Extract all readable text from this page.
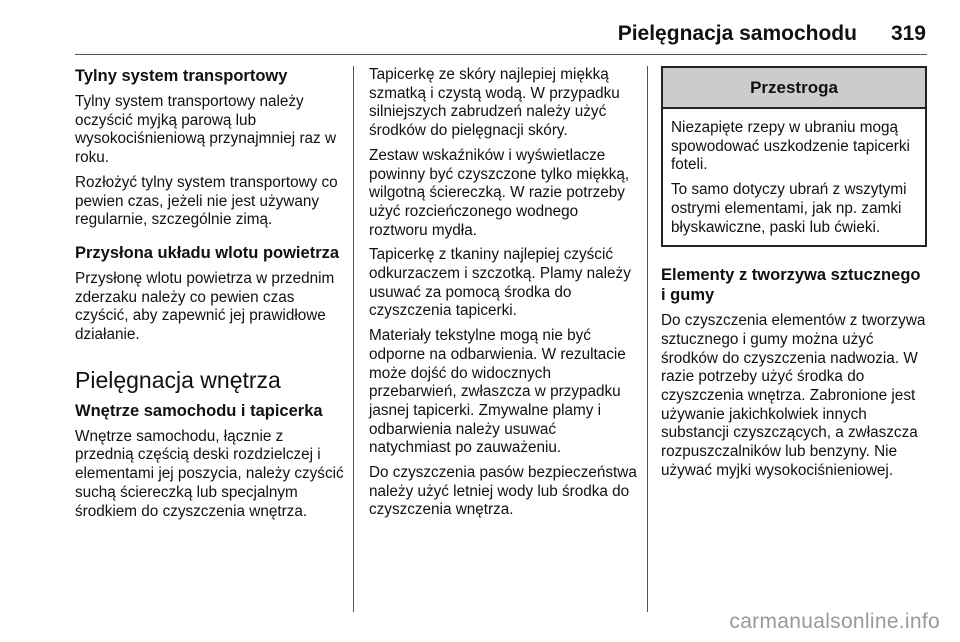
Pielęgnacja samochodu 319
Tylny system transportowy

Tylny system transportowy należy oczyścić myjką parową lub wysokociśnieniową przynajmniej raz w roku.

Rozłożyć tylny system transportowy co pewien czas, jeżeli nie jest używany regularnie, szczególnie zimą.

Przysłona układu wlotu powietrza

Przysłonę wlotu powietrza w przednim zderzaku należy co pewien czas czyścić, aby zapewnić jej prawidłowe działanie.

Pielęgnacja wnętrza
Wnętrze samochodu i tapicerka

Wnętrze samochodu, łącznie z przednią częścią deski rozdzielczej i elementami jej poszycia, należy czyścić suchą ściereczką lub specjalnym środkiem do czyszczenia wnętrza.

Tapicerkę ze skóry najlepiej miękką szmatką i czystą wodą. W przypadku silniejszych zabrudzeń należy użyć środków do pielęgnacji skóry.

Zestaw wskaźników i wyświetlacze powinny być czyszczone tylko miękką, wilgotną ściereczką. W razie potrzeby użyć rozcieńczonego wodnego roztworu mydła.

Tapicerkę z tkaniny najlepiej czyścić odkurzaczem i szczotką. Plamy należy usuwać za pomocą środka do czyszczenia tapicerki.

Materiały tekstylne mogą nie być odporne na odbarwienia. W rezultacie może dojść do widocznych przebarwień, zwłaszcza w przypadku jasnej tapicerki. Zmywalne plamy i odbarwienia należy usuwać natychmiast po zauważeniu.

Do czyszczenia pasów bezpieczeństwa należy użyć letniej wody lub środka do czyszczenia wnętrza.

Przestroga

Niezapięte rzepy w ubraniu mogą spowodować uszkodzenie tapicerki foteli.

To samo dotyczy ubrań z wszytymi ostrymi elementami, jak np. zamki błyskawiczne, paski lub ćwieki.

Elementy z tworzywa sztucznego i gumy

Do czyszczenia elementów z tworzywa sztucznego i gumy można użyć środków do czyszczenia nadwozia. W razie potrzeby użyć środka do czyszczenia wnętrza. Zabronione jest używanie jakichkolwiek innych substancji czyszczących, a zwłaszcza rozpuszczalników lub benzyny. Nie używać myjki wysokociśnieniowej.

carmanualsonline.info
